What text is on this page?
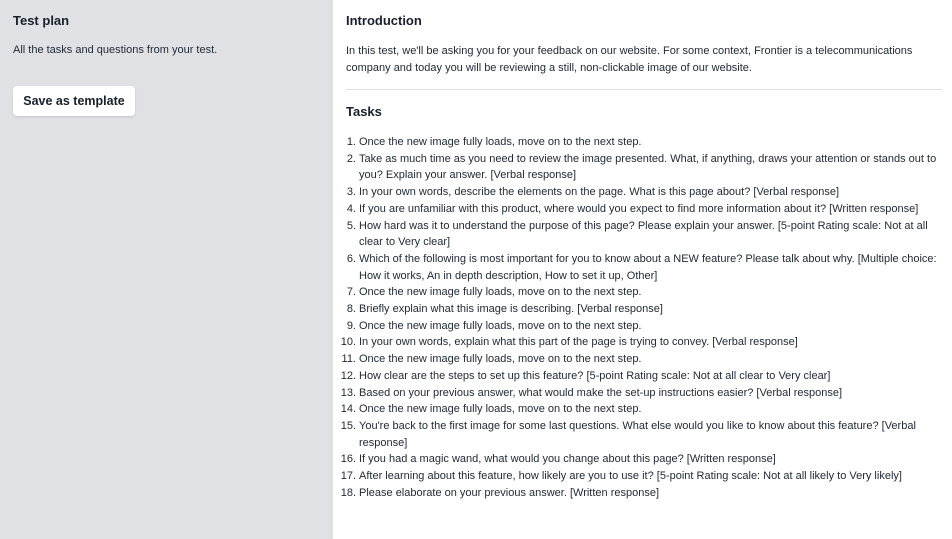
Test plan
All the tasks and questions from your test.
Save as template
Introduction
In this test, we'll be asking you for your feedback on our website. For some context, Frontier is a telecommunications company and today you will be reviewing a still, non-clickable image of our website.
Tasks
1. Once the new image fully loads, move on to the next step.
2. Take as much time as you need to review the image presented. What, if anything, draws your attention or stands out to you? Explain your answer. [Verbal response]
3. In your own words, describe the elements on the page. What is this page about? [Verbal response]
4. If you are unfamiliar with this product, where would you expect to find more information about it? [Written response]
5. How hard was it to understand the purpose of this page? Please explain your answer. [5-point Rating scale: Not at all clear to Very clear]
6. Which of the following is most important for you to know about a NEW feature? Please talk about why. [Multiple choice: How it works, An in depth description, How to set it up, Other]
7. Once the new image fully loads, move on to the next step.
8. Briefly explain what this image is describing. [Verbal response]
9. Once the new image fully loads, move on to the next step.
10. In your own words, explain what this part of the page is trying to convey. [Verbal response]
11. Once the new image fully loads, move on to the next step.
12. How clear are the steps to set up this feature? [5-point Rating scale: Not at all clear to Very clear]
13. Based on your previous answer, what would make the set-up instructions easier? [Verbal response]
14. Once the new image fully loads, move on to the next step.
15. You're back to the first image for some last questions. What else would you like to know about this feature? [Verbal response]
16. If you had a magic wand, what would you change about this page? [Written response]
17. After learning about this feature, how likely are you to use it? [5-point Rating scale: Not at all likely to Very likely]
18. Please elaborate on your previous answer. [Written response]
